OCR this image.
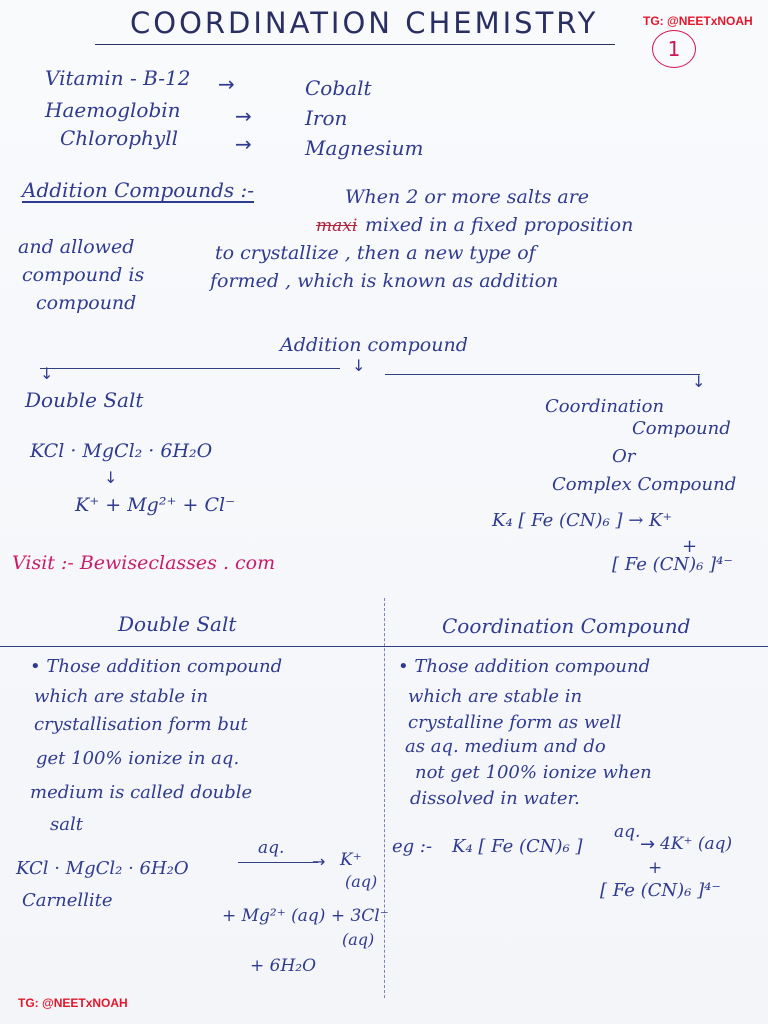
COORDINATION CHEMISTRY	TG: @NEETxNOAH
1
Vitamin - B-12 →	Cobalt
Haemoglobin	→	Iron
Chlorophyll	→	Magnesium
Addition Compounds :-	When 2 or more salts are
maxi mixed in a fixed proposition
and allowed	to crystallize , then a new type of
compound is	formed , which is known as addition
compound
Addition compound
↓	↓
↓
Double Salt	Coordination
Compound
Or
Complex Compound
KCl · MgCl₂ · 6H₂O
↓
K⁺ + Mg²⁺ + Cl⁻
K₄ [ Fe (CN)₆ ] → K⁺
+
[ Fe (CN)₆ ]⁴⁻
Visit :- Bewiseclasses . com
Double Salt	Coordination Compound
• Those addition compound
which are stable in
crystallisation form but
get 100% ionize in aq.
medium is called double
salt
• Those addition compound
which are stable in
crystalline form as well
as aq. medium and do
not get 100% ionize when
dissolved in water.
KCl · MgCl₂ · 6H₂O
aq.
→ K⁺
(aq)
Carnellite
+ Mg²⁺ (aq) + 3Cl⁻
(aq)
+ 6H₂O
eg :- K₄ [ Fe (CN)₆ ]
aq.
→ 4K⁺ (aq)
+
[ Fe (CN)₆ ]⁴⁻
TG: @NEETxNOAH
